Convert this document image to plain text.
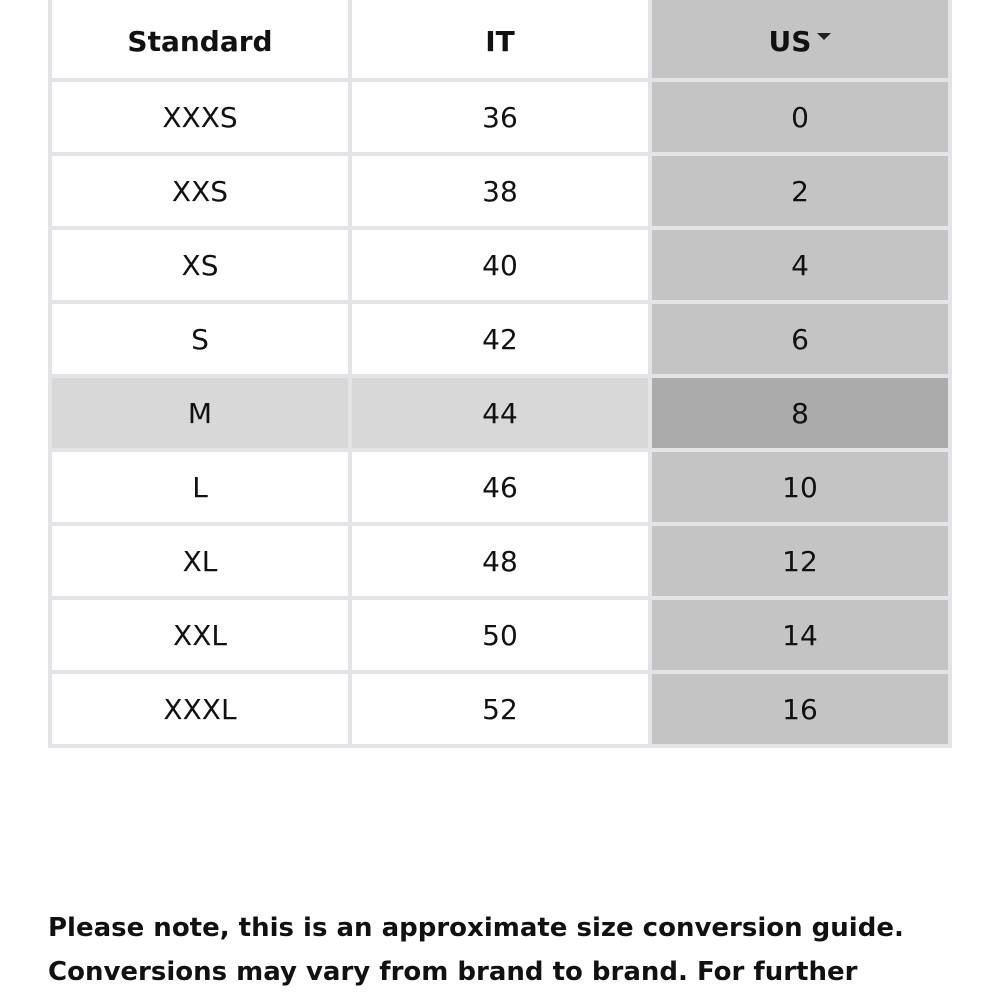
Standard	IT	US
XXXS	36	0
XXS	38	2
XS	40	4
S	42	6
M	44	8
L	46	10
XL	48	12
XXL	50	14
XXXL	52	16

Please note, this is an approximate size conversion guide. Conversions may vary from brand to brand. For further
